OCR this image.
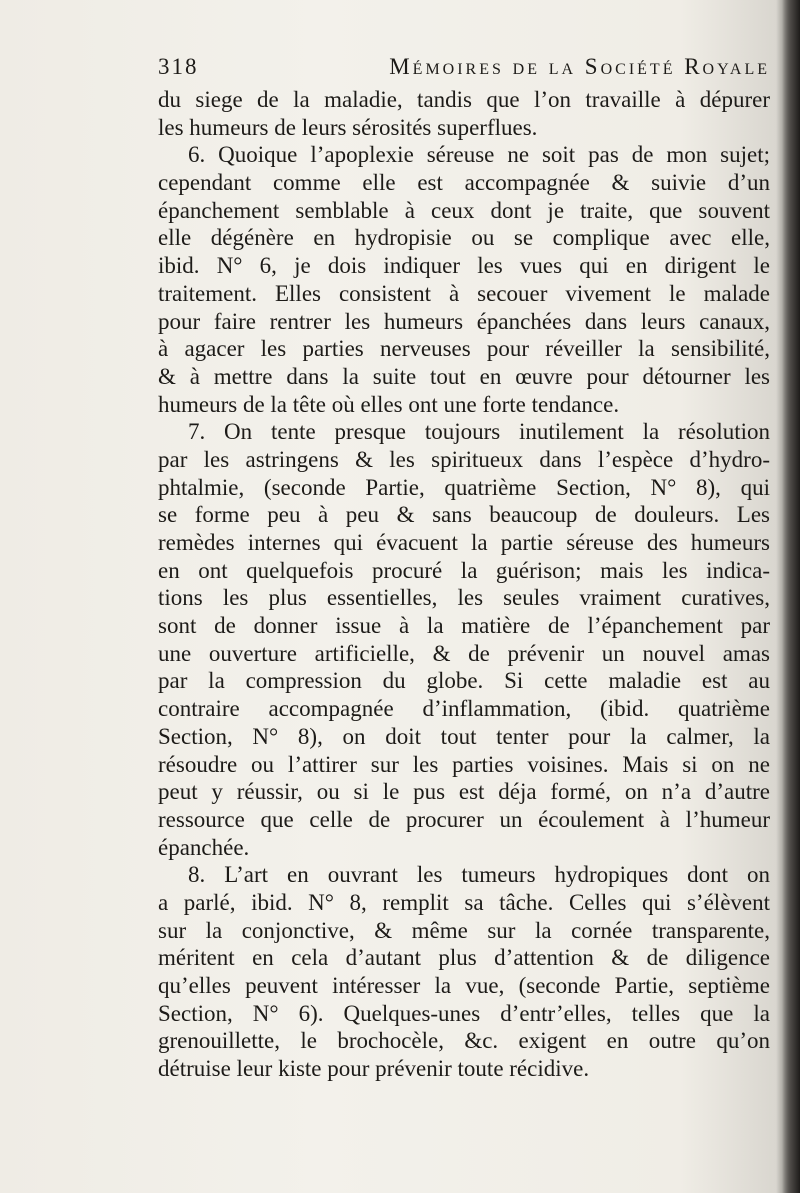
318	Mémoires de la Société Royale
du siege de la maladie, tandis que l’on travaille à dépurer
les humeurs de leurs sérosités superflues.
6. Quoique l’apoplexie séreuse ne soit pas de mon sujet;
cependant comme elle est accompagnée & suivie d’un
épanchement semblable à ceux dont je traite, que souvent
elle dégénère en hydropisie ou se complique avec elle,
ibid. N° 6, je dois indiquer les vues qui en dirigent le
traitement. Elles consistent à secouer vivement le malade
pour faire rentrer les humeurs épanchées dans leurs canaux,
à agacer les parties nerveuses pour réveiller la sensibilité,
& à mettre dans la suite tout en œuvre pour détourner les
humeurs de la tête où elles ont une forte tendance.
7. On tente presque toujours inutilement la résolution
par les astringens & les spiritueux dans l’espèce d’hydro-
phtalmie, (seconde Partie, quatrième Section, N° 8), qui
se forme peu à peu & sans beaucoup de douleurs. Les
remèdes internes qui évacuent la partie séreuse des humeurs
en ont quelquefois procuré la guérison; mais les indica-
tions les plus essentielles, les seules vraiment curatives,
sont de donner issue à la matière de l’épanchement par
une ouverture artificielle, & de prévenir un nouvel amas
par la compression du globe. Si cette maladie est au
contraire accompagnée d’inflammation, (ibid. quatrième
Section, N° 8), on doit tout tenter pour la calmer, la
résoudre ou l’attirer sur les parties voisines. Mais si on ne
peut y réussir, ou si le pus est déja formé, on n’a d’autre
ressource que celle de procurer un écoulement à l’humeur
épanchée.
8. L’art en ouvrant les tumeurs hydropiques dont on
a parlé, ibid. N° 8, remplit sa tâche. Celles qui s’élèvent
sur la conjonctive, & même sur la cornée transparente,
méritent en cela d’autant plus d’attention & de diligence
qu’elles peuvent intéresser la vue, (seconde Partie, septième
Section, N° 6). Quelques-unes d’entr’elles, telles que la
grenouillette, le brochocèle, &c. exigent en outre qu’on
détruise leur kiste pour prévenir toute récidive.
